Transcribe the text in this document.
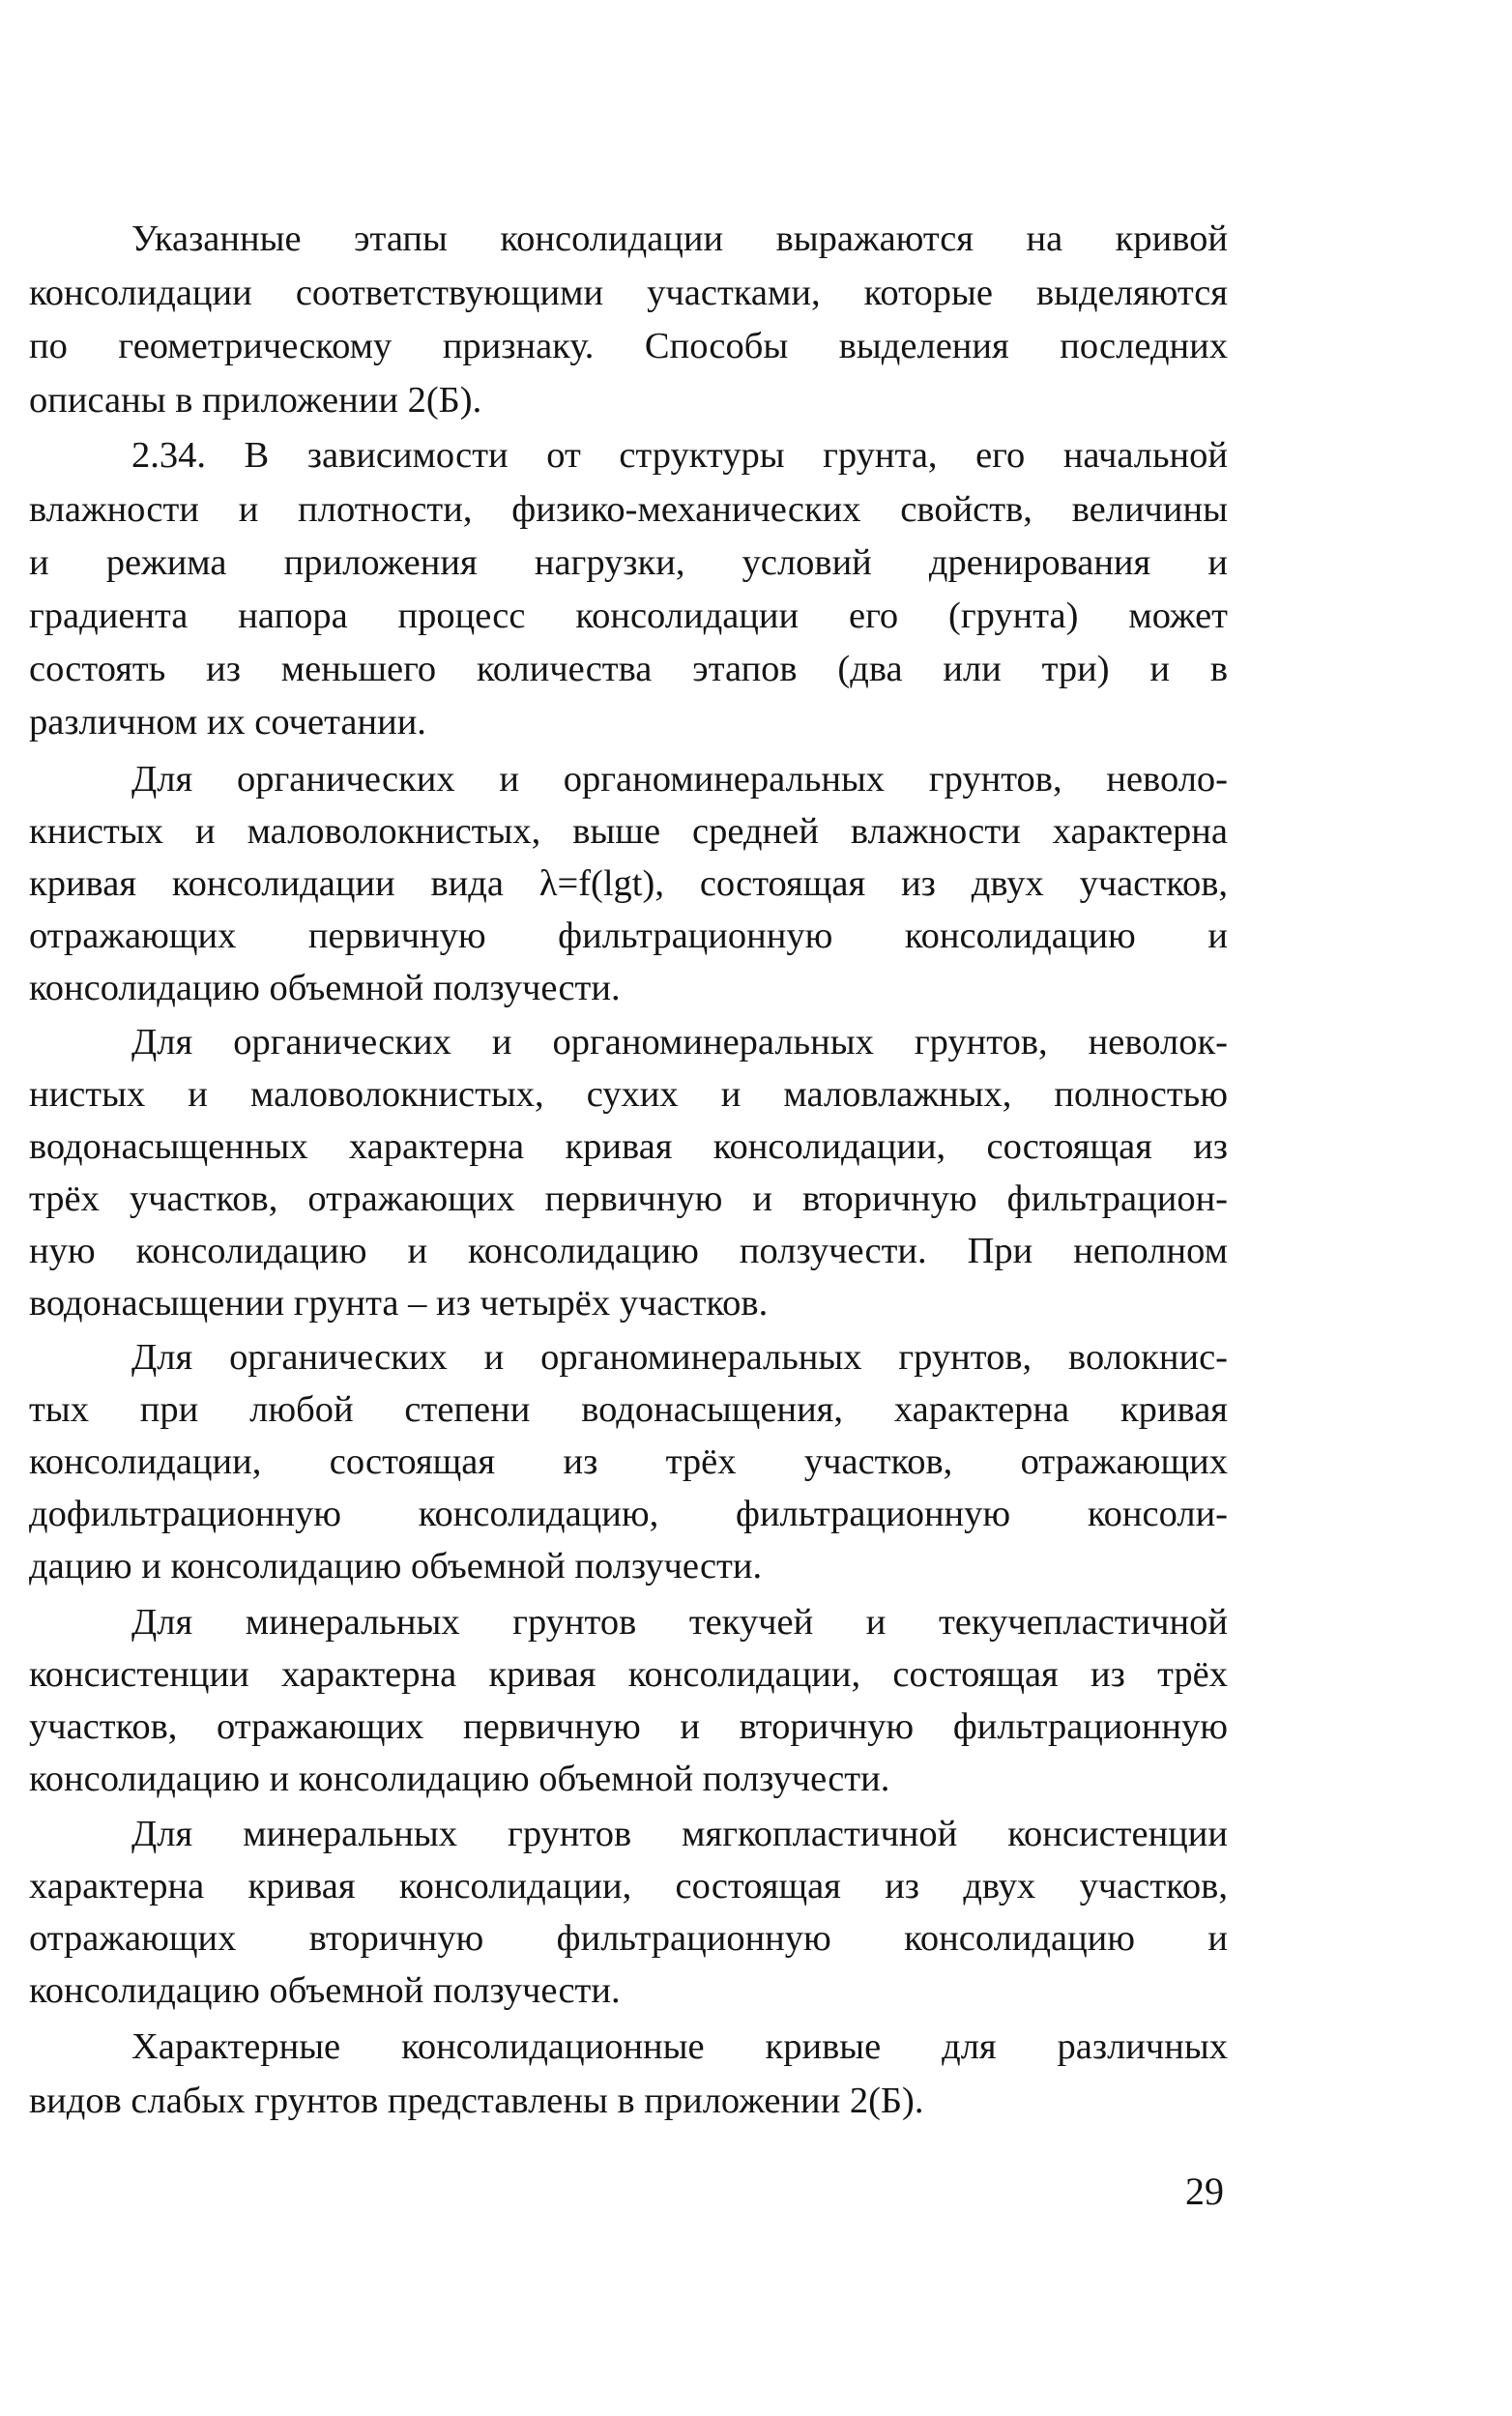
Указанные этапы консолидации выражаются на кривой
консолидации соответствующими участками, которые выделяются
по геометрическому признаку. Способы выделения последних
описаны в приложении 2(Б).
2.34. В зависимости от структуры грунта, его начальной
влажности и плотности, физико-механических свойств, величины
и режима приложения нагрузки, условий дренирования и
градиента напора процесс консолидации его (грунта) может
состоять из меньшего количества этапов (два или три) и в
различном их сочетании.
Для органических и органоминеральных грунтов, неволо-
книстых и маловолокнистых, выше средней влажности характерна
кривая консолидации вида λ=f(lgt), состоящая из двух участков,
отражающих первичную фильтрационную консолидацию и
консолидацию объемной ползучести.
Для органических и органоминеральных грунтов, неволок-
нистых и маловолокнистых, сухих и маловлажных, полностью
водонасыщенных характерна кривая консолидации, состоящая из
трёх участков, отражающих первичную и вторичную фильтрацион-
ную консолидацию и консолидацию ползучести. При неполном
водонасыщении грунта – из четырёх участков.
Для органических и органоминеральных грунтов, волокнис-
тых при любой степени водонасыщения, характерна кривая
консолидации, состоящая из трёх участков, отражающих
дофильтрационную консолидацию, фильтрационную консоли-
дацию и консолидацию объемной ползучести.
Для минеральных грунтов текучей и текучепластичной
консистенции характерна кривая консолидации, состоящая из трёх
участков, отражающих первичную и вторичную фильтрационную
консолидацию и консолидацию объемной ползучести.
Для минеральных грунтов мягкопластичной консистенции
характерна кривая консолидации, состоящая из двух участков,
отражающих вторичную фильтрационную консолидацию и
консолидацию объемной ползучести.
Характерные консолидационные кривые для различных
видов слабых грунтов представлены в приложении 2(Б).
29
